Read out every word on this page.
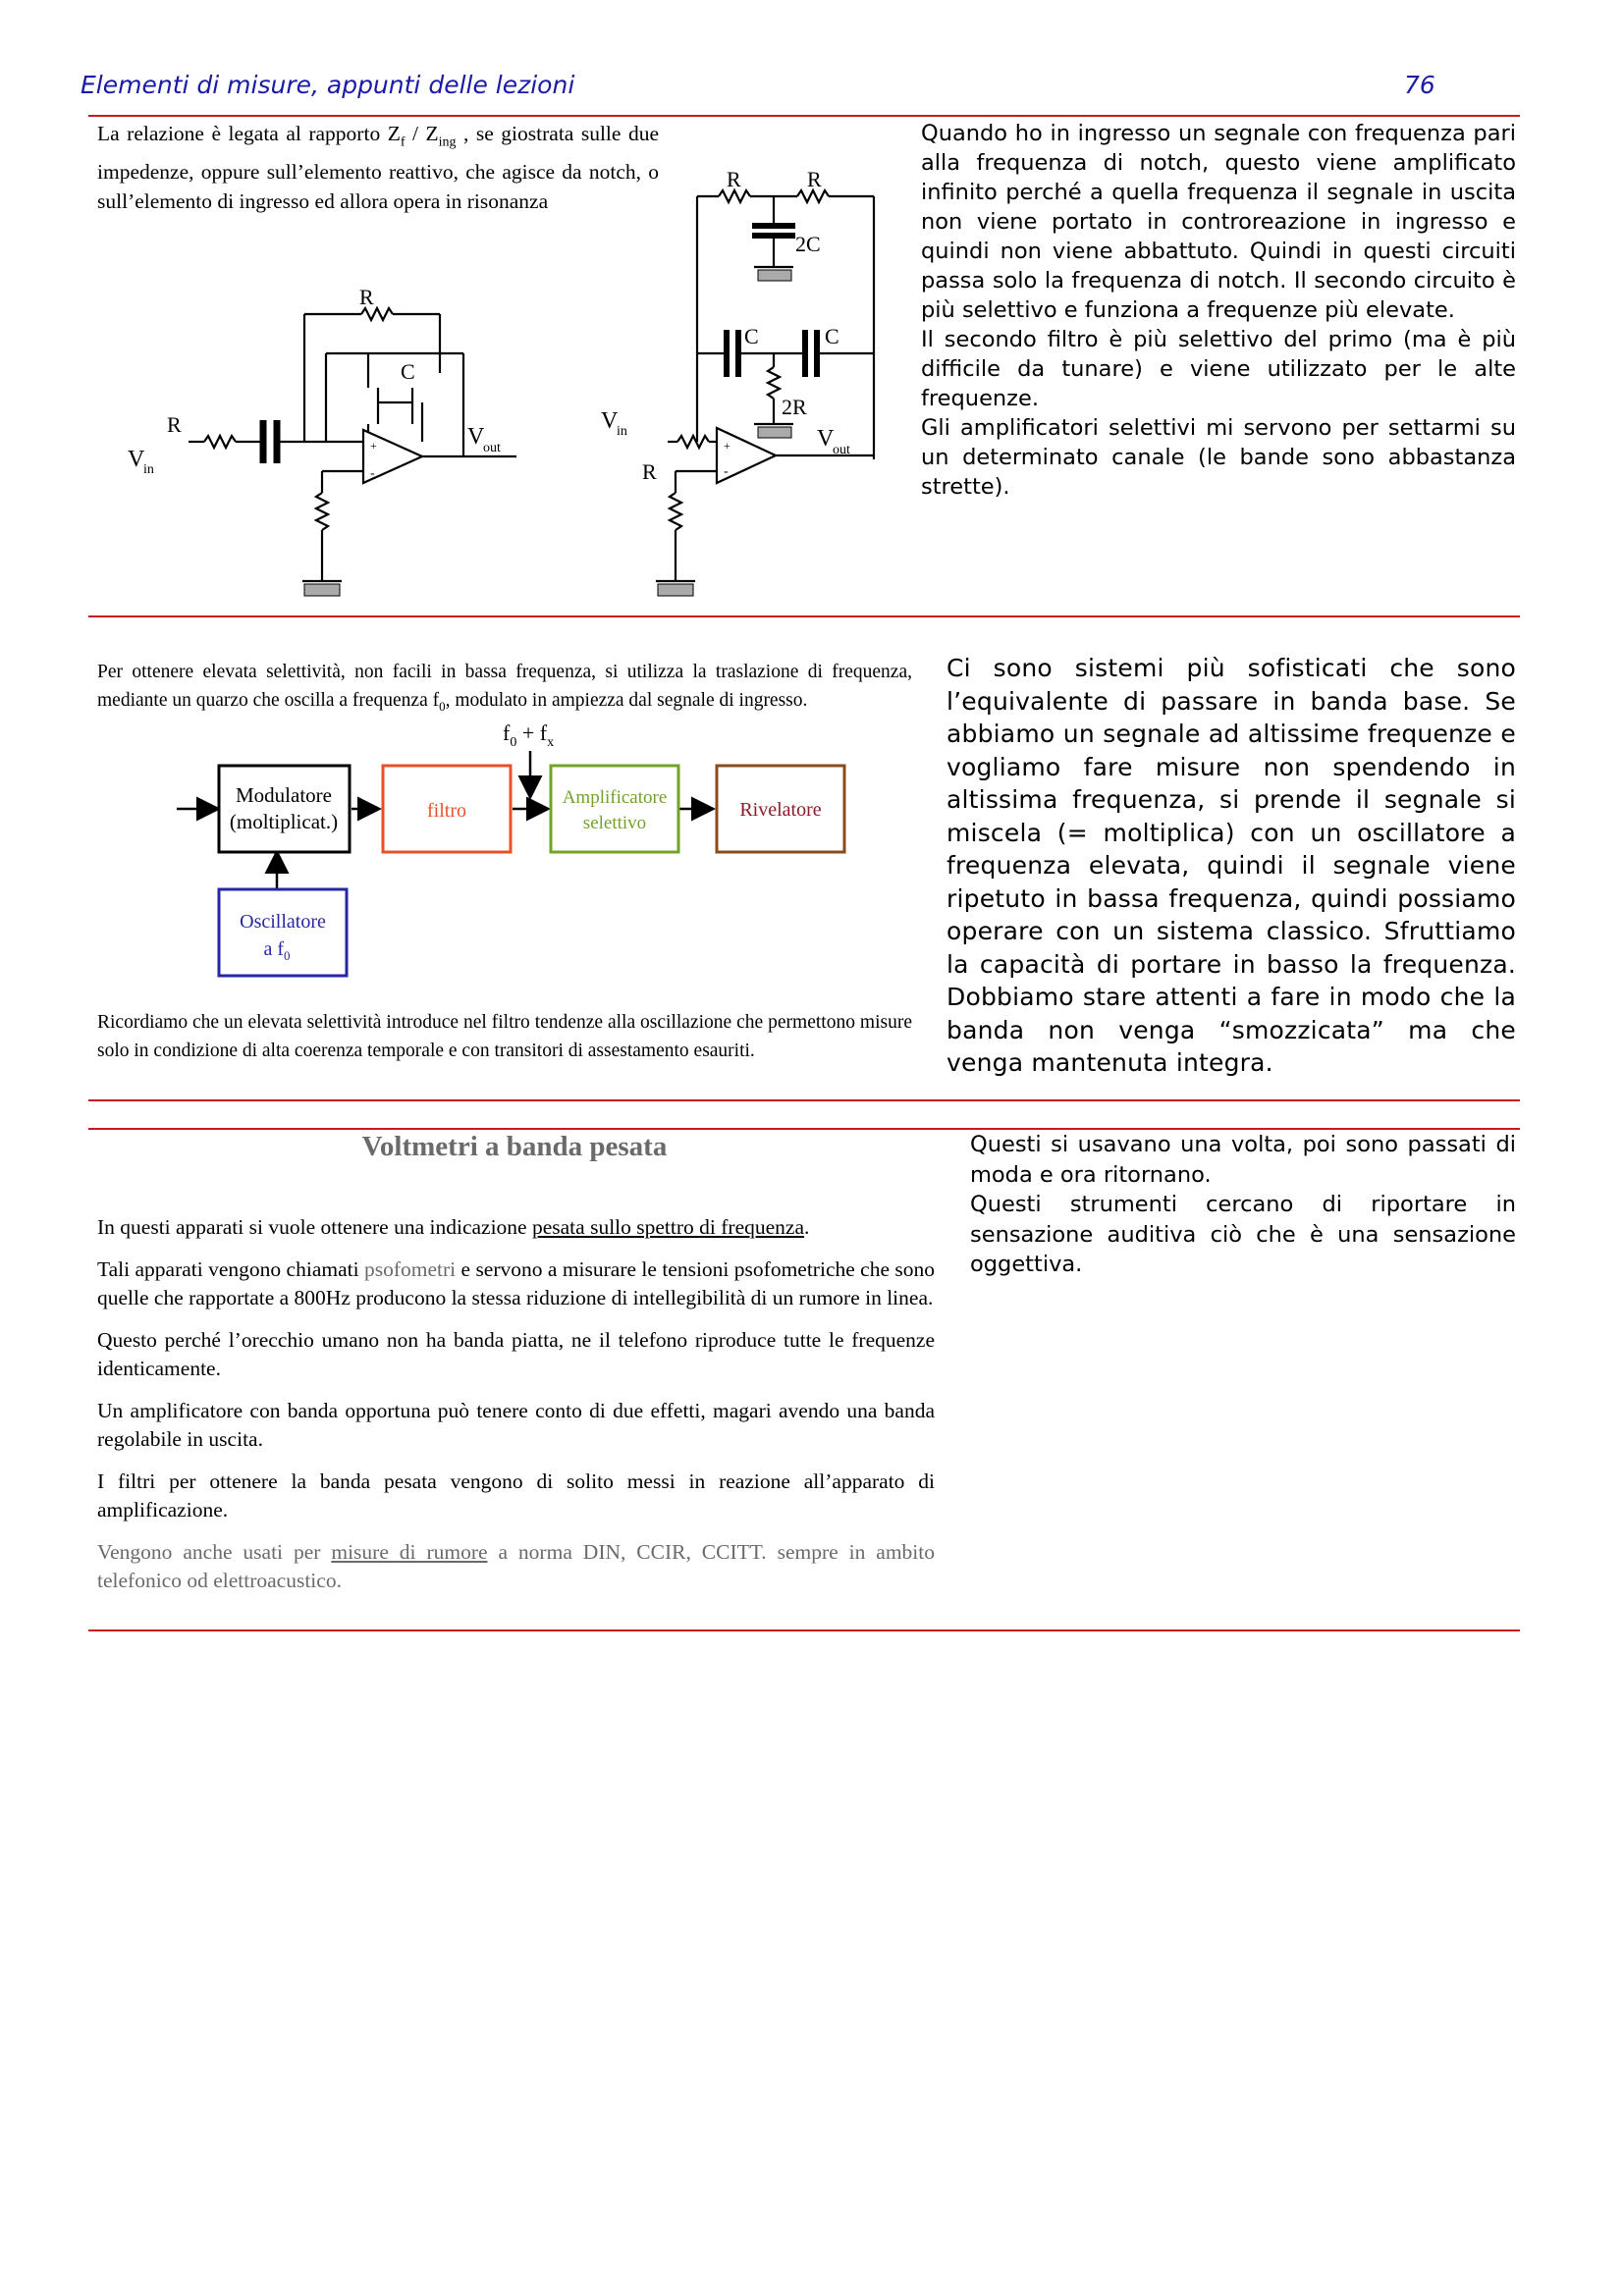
Elementi di misure, appunti delle lezioni	76
La relazione è legata al rapporto $Z_f / Z_{ing}$ , se giostrata sulle due impedenze, oppure sull’elemento reattivo, che agisce da notch, o sull’elemento di ingresso ed allora opera in risonanza
R
R
C
V
in
V
out
+
-
R	R
2C
C	C
2R
V
in
R
V
out
+
-
Quando ho in ingresso un segnale con frequenza pari alla frequenza di notch, questo viene amplificato infinito perché a quella frequenza il segnale in uscita non viene portato in controreazione in ingresso e quindi non viene abbattuto. Quindi in questi circuiti passa solo la frequenza di notch. Il secondo circuito è più selettivo e funziona a frequenze più elevate.
Il secondo filtro è più selettivo del primo (ma è più difficile da tunare) e viene utilizzato per le alte frequenze.
Gli amplificatori selettivi mi servono per settarmi su un determinato canale (le bande sono abbastanza strette).
Per ottenere elevata selettività, non facili in bassa frequenza, si utilizza la traslazione di frequenza, mediante un quarzo che oscilla a frequenza $f_0$, modulato in ampiezza dal segnale di ingresso.
Modulatore
(moltiplicat.)	filtro
Amplificatore
selettivo
Rivelatore
Oscillatore
a $f_0$
$f_0 + f_x$
Ricordiamo che un elevata selettività introduce nel filtro tendenze alla oscillazione che permettono misure solo in condizione di alta coerenza temporale e con transitori di assestamento esauriti.
Ci sono sistemi più sofisticati che sono l’equivalente di passare in banda base. Se abbiamo un segnale ad altissime frequenze e vogliamo fare misure non spendendo in altissima frequenza, si prende il segnale si miscela (= moltiplica) con un oscillatore a frequenza elevata, quindi il segnale viene ripetuto in bassa frequenza, quindi possiamo operare con un sistema classico. Sfruttiamo la capacità di portare in basso la frequenza. Dobbiamo stare attenti a fare in modo che la banda non venga “smozzicata” ma che venga mantenuta integra.
Voltmetri a banda pesata

In questi apparati si vuole ottenere una indicazione pesata sullo spettro di frequenza.

Tali apparati vengono chiamati psofometri e servono a misurare le tensioni psofometriche che sono quelle che rapportate a 800Hz producono la stessa riduzione di intellegibilità di un rumore in linea.

Questo perché l’orecchio umano non ha banda piatta, ne il telefono riproduce tutte le frequenze identicamente.

Un amplificatore con banda opportuna può tenere conto di due effetti, magari avendo una banda regolabile in uscita.

I filtri per ottenere la banda pesata vengono di solito messi in reazione all’apparato di amplificazione.

Vengono anche usati per misure di rumore a norma DIN, CCIR, CCITT. sempre in ambito telefonico od elettroacustico.

Questi si usavano una volta, poi sono passati di moda e ora ritornano.
Questi strumenti cercano di riportare in sensazione auditiva ciò che è una sensazione oggettiva.
